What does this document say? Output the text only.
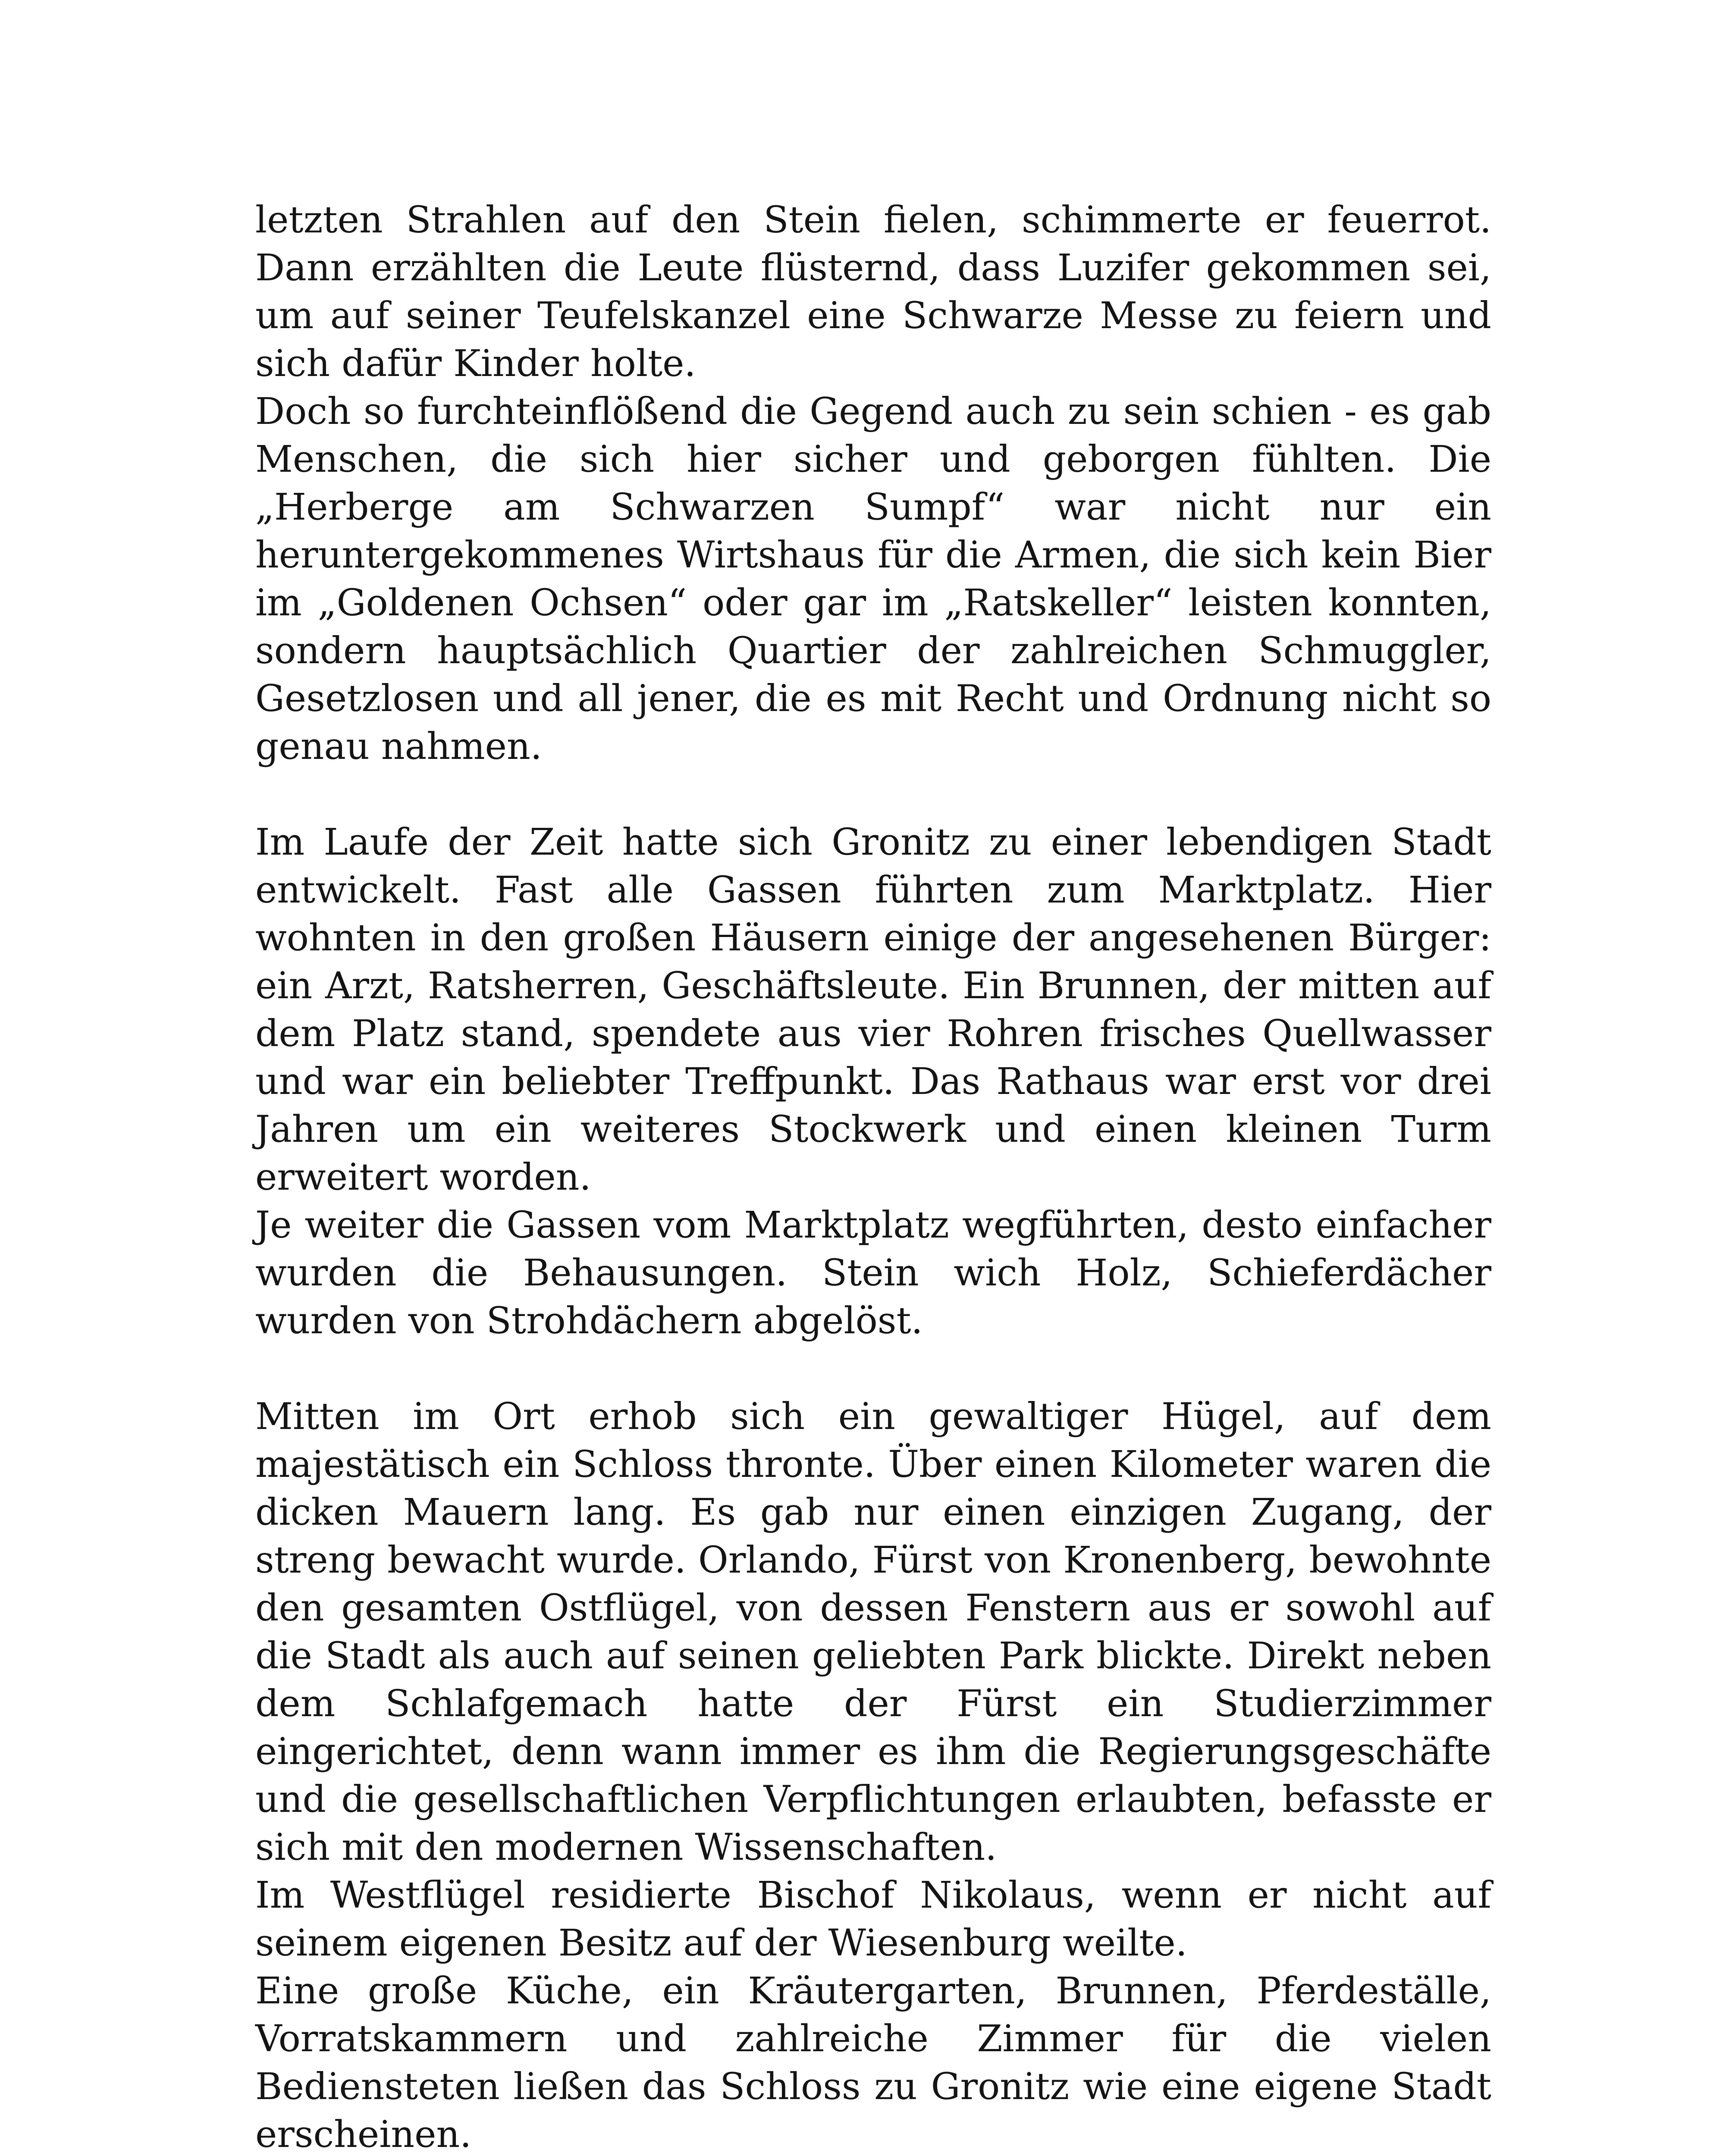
letzten Strahlen auf den Stein fielen, schimmerte er feuerrot. Dann erzählten die Leute flüsternd, dass Luzifer gekommen sei, um auf seiner Teufelskanzel eine Schwarze Messe zu feiern und sich dafür Kinder holte.

Doch so furchteinflößend die Gegend auch zu sein schien - es gab Menschen, die sich hier sicher und geborgen fühlten. Die „Herberge am Schwarzen Sumpf“ war nicht nur ein heruntergekommenes Wirtshaus für die Armen, die sich kein Bier im „Goldenen Ochsen“ oder gar im „Ratskeller“ leisten konnten, sondern hauptsächlich Quartier der zahlreichen Schmuggler, Gesetzlosen und all jener, die es mit Recht und Ordnung nicht so genau nahmen.

Im Laufe der Zeit hatte sich Gronitz zu einer lebendigen Stadt entwickelt. Fast alle Gassen führten zum Marktplatz. Hier wohnten in den großen Häusern einige der angesehenen Bürger: ein Arzt, Ratsherren, Geschäftsleute. Ein Brunnen, der mitten auf dem Platz stand, spendete aus vier Rohren frisches Quellwasser und war ein beliebter Treffpunkt. Das Rathaus war erst vor drei Jahren um ein weiteres Stockwerk und einen kleinen Turm erweitert worden.

Je weiter die Gassen vom Marktplatz wegführten, desto einfacher wurden die Behausungen. Stein wich Holz, Schieferdächer wurden von Strohdächern abgelöst.

Mitten im Ort erhob sich ein gewaltiger Hügel, auf dem majestätisch ein Schloss thronte. Über einen Kilometer waren die dicken Mauern lang. Es gab nur einen einzigen Zugang, der streng bewacht wurde. Orlando, Fürst von Kronenberg, bewohnte den gesamten Ostflügel, von dessen Fenstern aus er sowohl auf die Stadt als auch auf seinen geliebten Park blickte. Direkt neben dem Schlafgemach hatte der Fürst ein Studierzimmer eingerichtet, denn wann immer es ihm die Regierungsgeschäfte und die gesellschaftlichen Verpflichtungen erlaubten, befasste er sich mit den modernen Wissenschaften.

Im Westflügel residierte Bischof Nikolaus, wenn er nicht auf seinem eigenen Besitz auf der Wiesenburg weilte.

Eine große Küche, ein Kräutergarten, Brunnen, Pferdeställe, Vorratskammern und zahlreiche Zimmer für die vielen Bediensteten ließen das Schloss zu Gronitz wie eine eigene Stadt erscheinen.
